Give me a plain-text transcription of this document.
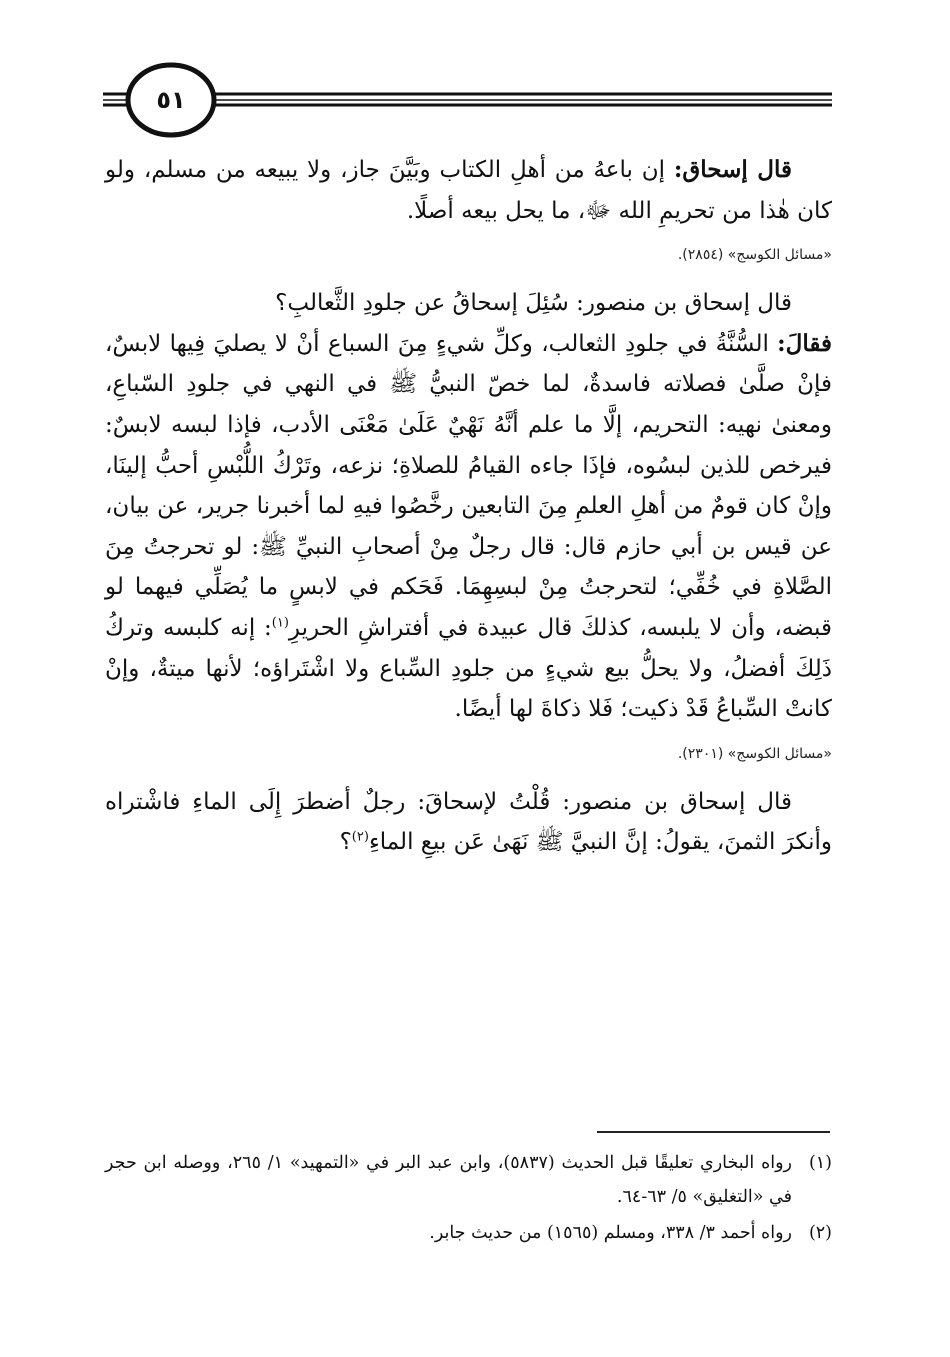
٥١

قال إسحاق: إن باعهُ من أهلِ الكتاب وبَيَّنَ جاز، ولا يبيعه من مسلم، ولو كان هٰذا من تحريمِ الله ﷻ، ما يحل بيعه أصلًا.

«مسائل الكوسج» (٢٨٥٤).

قال إسحاق بن منصور: سُئِلَ إسحاقُ عن جلودِ الثَّعالبِ؟

فقالَ: السُّنَّةُ في جلودِ الثعالب، وكلِّ شيءٍ مِنَ السباع أنْ لا يصليَ فِيها لابسٌ، فإنْ صلَّىٰ فصلاته فاسدةٌ، لما خصّ النبيُّ ﷺ في النهي في جلودِ السّباعِ، ومعنىٰ نهيه: التحريم، إلَّا ما علم أنَّهُ نَهْيٌ عَلَىٰ مَعْنَى الأدب، فإذا لبسه لابسٌ: فيرخص للذين لبسُوه، فإذَا جاءه القيامُ للصلاةِ؛ نزعه، وتَرْكُ اللُّبْسِ أحبُّ إلينَا، وإنْ كان قومٌ من أهلِ العلمِ مِنَ التابعين رخَّصُوا فيهِ لما أخبرنا جرير، عن بيان، عن قيس بن أبي حازم قال: قال رجلٌ مِنْ أصحابِ النبيِّ ﷺ: لو تحرجتُ مِنَ الصَّلاةِ في خُفِّي؛ لتحرجتُ مِنْ لبسِهِمَا. فَحَكم في لابسٍ ما يُصَلِّي فيهما لو قبضه، وأن لا يلبسه، كذلكَ قال عبيدة في أفتراشِ الحريرِ$^{(١)}$: إنه كلبسه وتركُ ذَلِكَ أفضلُ، ولا يحلُّ بيع شيءٍ من جلودِ السِّباع ولا اشْتَراؤه؛ لأنها ميتةٌ، وإنْ كانتْ السِّباعُ قَدْ ذكيت؛ فَلا ذكاةَ لها أيضًا.

«مسائل الكوسج» (٢٣٠١).

قال إسحاق بن منصور: قُلْتُ لإسحاقَ: رجلٌ أضطرَ إِلَى الماءِ فاشْتراه وأنكرَ الثمنَ، يقولُ: إنَّ النبيَّ ﷺ نَهَىٰ عَن بيعِ الماءِ$^{(٢)}$؟

(١)
رواه البخاري تعليقًا قبل الحديث (٥٨٣٧)، وابن عبد البر في «التمهيد» ١/ ٢٦٥، ووصله ابن حجر في «التغليق» ٥/ ٦٣-٦٤.
(٢)
رواه أحمد ٣/ ٣٣٨، ومسلم (١٥٦٥) من حديث جابر.
